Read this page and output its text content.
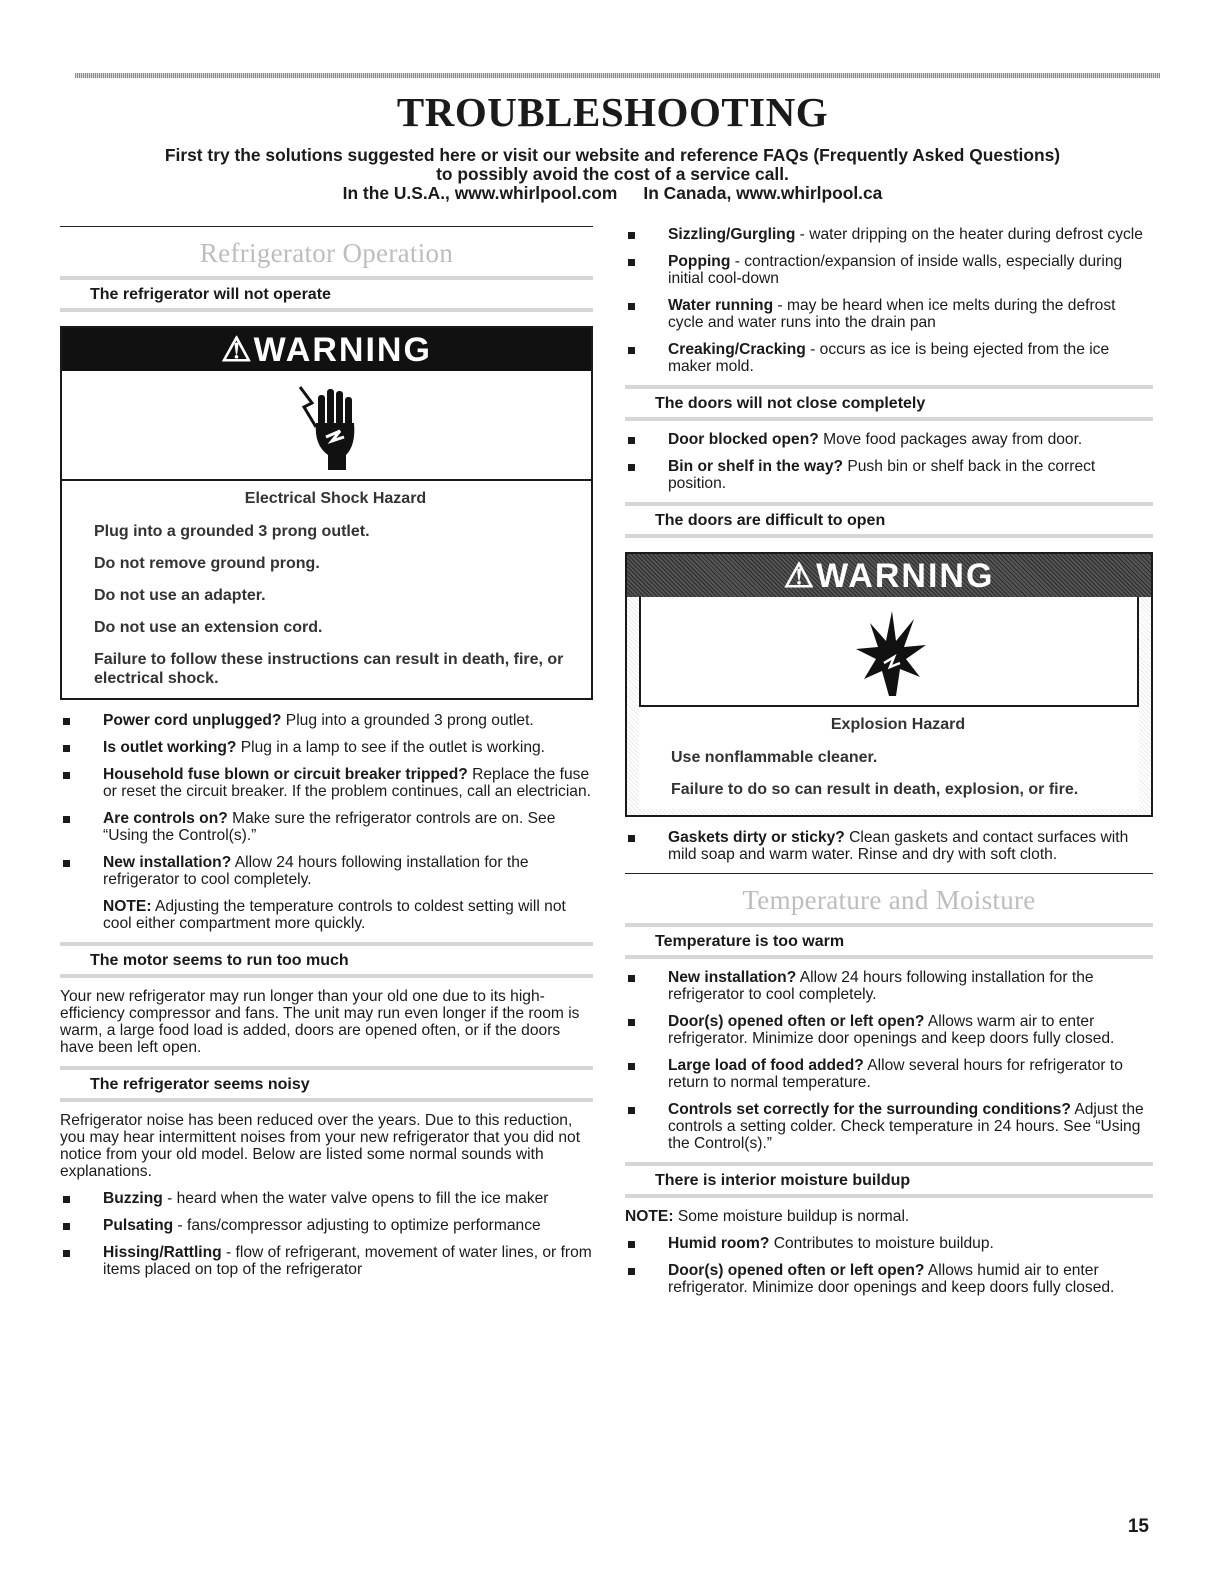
TROUBLESHOOTING
First try the solutions suggested here or visit our website and reference FAQs (Frequently Asked Questions)
to possibly avoid the cost of a service call.
In the U.S.A., www.whirlpool.com In Canada, www.whirlpool.ca
Refrigerator Operation
The refrigerator will not operate
⚠WARNING
Electrical Shock Hazard
Plug into a grounded 3 prong outlet.
Do not remove ground prong.
Do not use an adapter.
Do not use an extension cord.
Failure to follow these instructions can result in death, fire, or electrical shock.
Power cord unplugged? Plug into a grounded 3 prong outlet.
Is outlet working? Plug in a lamp to see if the outlet is working.
Household fuse blown or circuit breaker tripped? Replace the fuse or reset the circuit breaker. If the problem continues, call an electrician.
Are controls on? Make sure the refrigerator controls are on. See “Using the Control(s).”
New installation? Allow 24 hours following installation for the refrigerator to cool completely.
NOTE: Adjusting the temperature controls to coldest setting will not cool either compartment more quickly.
The motor seems to run too much

Your new refrigerator may run longer than your old one due to its high-efficiency compressor and fans. The unit may run even longer if the room is warm, a large food load is added, doors are opened often, or if the doors have been left open.

The refrigerator seems noisy

Refrigerator noise has been reduced over the years. Due to this reduction, you may hear intermittent noises from your new refrigerator that you did not notice from your old model. Below are listed some normal sounds with explanations.

Buzzing - heard when the water valve opens to fill the ice maker
Pulsating - fans/compressor adjusting to optimize performance
Hissing/Rattling - flow of refrigerant, movement of water lines, or from items placed on top of the refrigerator
Sizzling/Gurgling - water dripping on the heater during defrost cycle
Popping - contraction/expansion of inside walls, especially during initial cool-down
Water running - may be heard when ice melts during the defrost cycle and water runs into the drain pan
Creaking/Cracking - occurs as ice is being ejected from the ice maker mold.
The doors will not close completely
Door blocked open? Move food packages away from door.
Bin or shelf in the way? Push bin or shelf back in the correct position.
The doors are difficult to open
⚠WARNING
Explosion Hazard
Use nonflammable cleaner.
Failure to do so can result in death, explosion, or fire.
Gaskets dirty or sticky? Clean gaskets and contact surfaces with mild soap and warm water. Rinse and dry with soft cloth.
Temperature and Moisture
Temperature is too warm
New installation? Allow 24 hours following installation for the refrigerator to cool completely.
Door(s) opened often or left open? Allows warm air to enter refrigerator. Minimize door openings and keep doors fully closed.
Large load of food added? Allow several hours for refrigerator to return to normal temperature.
Controls set correctly for the surrounding conditions? Adjust the controls a setting colder. Check temperature in 24 hours. See “Using the Control(s).”
There is interior moisture buildup

NOTE: Some moisture buildup is normal.

Humid room? Contributes to moisture buildup.
Door(s) opened often or left open? Allows humid air to enter refrigerator. Minimize door openings and keep doors fully closed.
15
